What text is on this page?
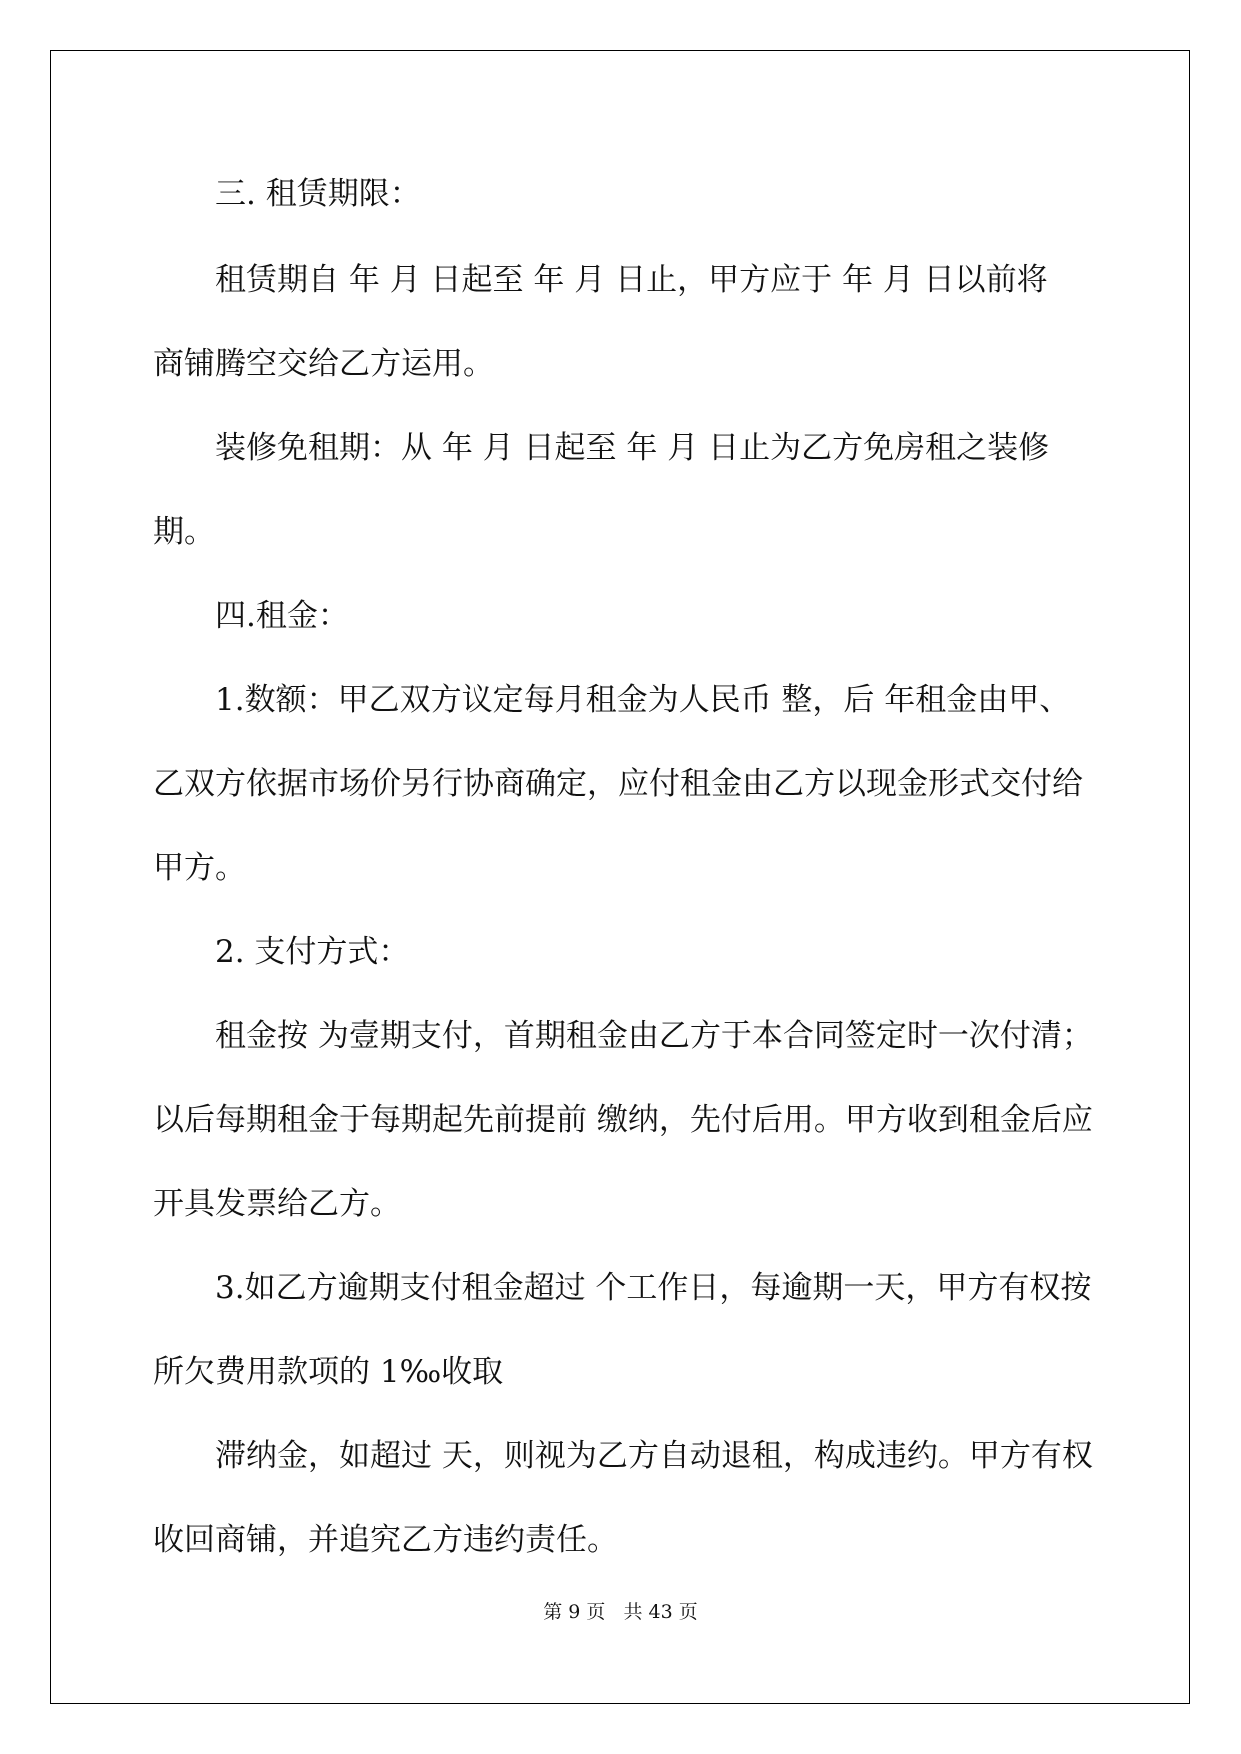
三. 租赁期限：
租赁期自 年 月 日起至 年 月 日止，甲方应于 年 月 日以前将
商铺腾空交给乙方运用。
装修免租期：从 年 月 日起至 年 月 日止为乙方免房租之装修
期。
四.租金：
1.数额：甲乙双方议定每月租金为人民币 整，后 年租金由甲、
乙双方依据市场价另行协商确定，应付租金由乙方以现金形式交付给
甲方。
2. 支付方式：
租金按 为壹期支付，首期租金由乙方于本合同签定时一次付清；
以后每期租金于每期起先前提前 缴纳，先付后用。甲方收到租金后应
开具发票给乙方。
3.如乙方逾期支付租金超过 个工作日，每逾期一天，甲方有权按
所欠费用款项的 1‰收取
滞纳金，如超过 天，则视为乙方自动退租，构成违约。甲方有权
收回商铺，并追究乙方违约责任。
第 9 页   共 43 页
